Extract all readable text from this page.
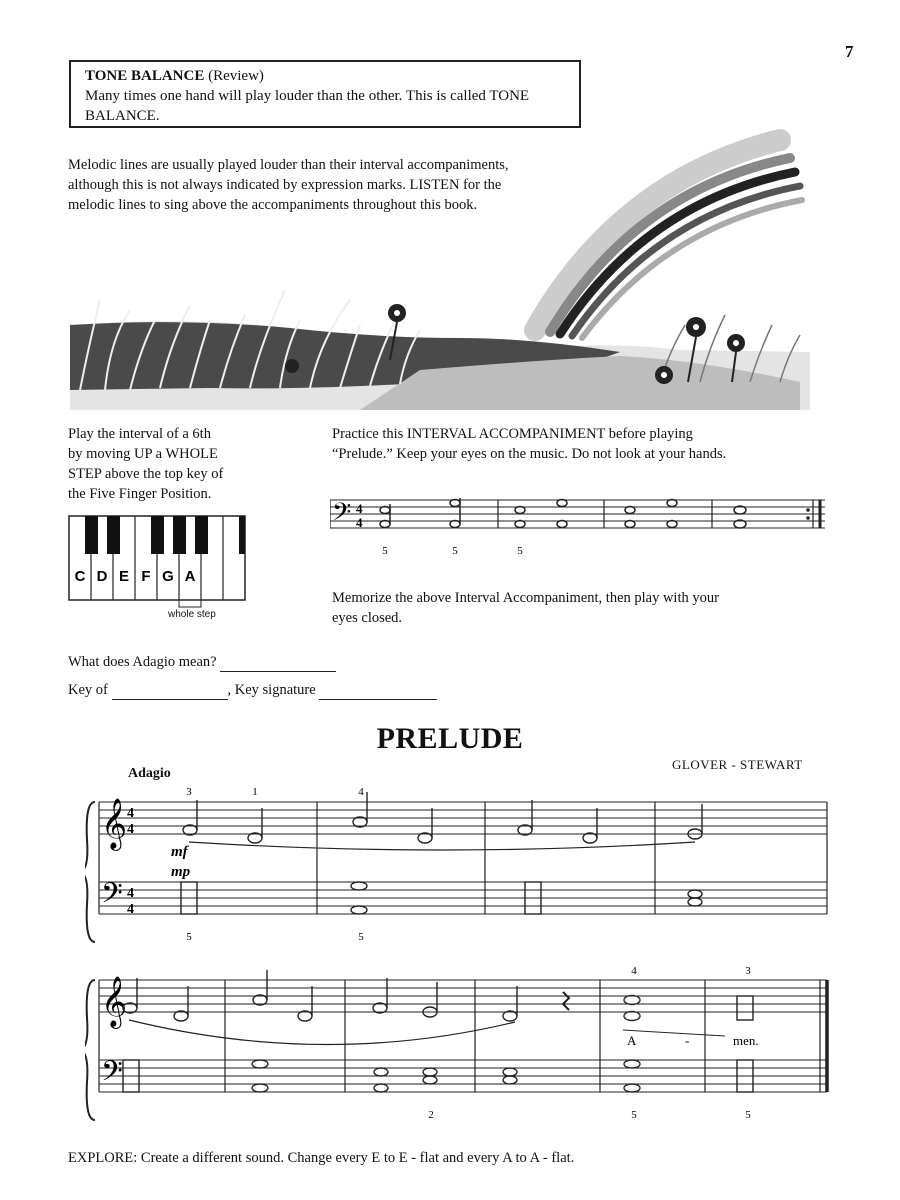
7
TONE BALANCE (Review)
Many times one hand will play louder than the other. This is called TONE BALANCE.
Melodic lines are usually played louder than their interval accompaniments,
although this is not always indicated by expression marks. LISTEN for the
melodic lines to sing above the accompaniments throughout this book.
Play the interval of a 6th
by moving UP a WHOLE
STEP above the top key of
the Five Finger Position.
C D E F G A
whole step
Practice this INTERVAL ACCOMPANIMENT before playing
“Prelude.” Keep your eyes on the music. Do not look at your hands.
𝄢 4
4
5	5	5
Memorize the above Interval Accompaniment, then play with your
eyes closed.
What does Adagio mean?
Key of	, Key signature
PRELUDE
GLOVER - STEWART
Adagio
𝄞
𝄢
4
4
4
4
3	1	4
mf
mp
5	5
𝄞
𝄢
A	-	men.
4	3
2	5	5
EXPLORE: Create a different sound. Change every E to E - flat and every A to A - flat.
